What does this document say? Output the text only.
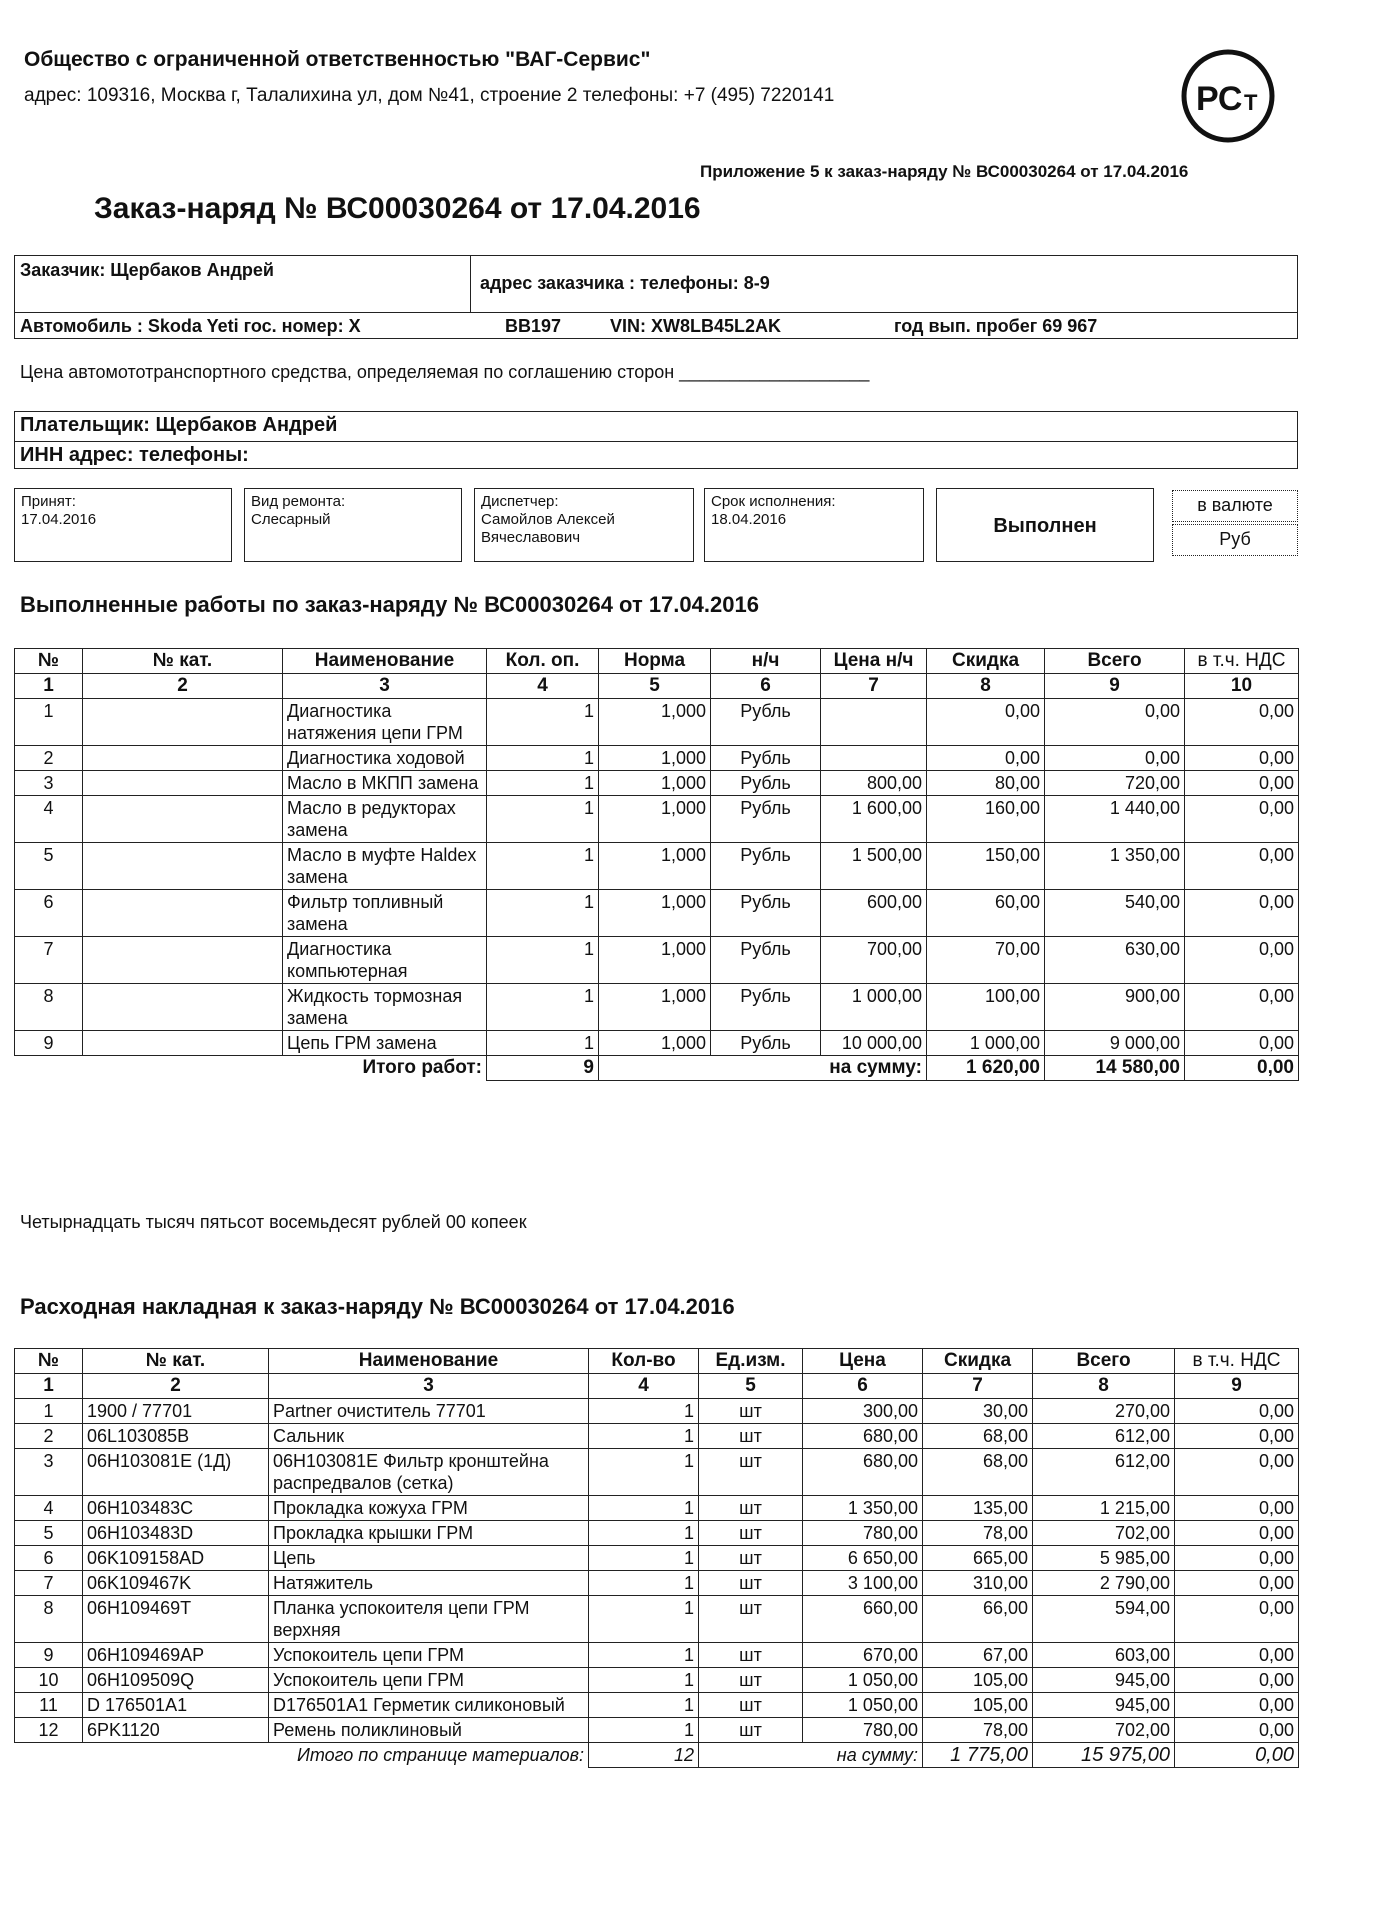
Общество с ограниченной ответственностью "ВАГ-Сервис"
адрес: 109316, Москва г, Талалихина ул, дом №41, строение 2 телефоны: +7 (495) 7220141	РС Т
Приложение 5 к заказ-наряду № ВС00030264 от 17.04.2016
Заказ-наряд № ВС00030264 от 17.04.2016
Заказчик: Щербаков Андрей
адрес заказчика : телефоны: 8-9
Автомобиль : Skoda Yeti гос. номер: Х	ВВ197	VIN: XW8LB45L2AK	год вып. пробег 69 967
Цена автомототранспортного средства, определяемая по соглашению сторон ___________________
Плательщик: Щербаков Андрей
ИНН адрес: телефоны:
Принят:
17.04.2016
Вид ремонта:
Слесарный
Диспетчер:
Самойлов Алексей Вячеславович
Срок исполнения:
18.04.2016	Выполнен
в валюте
Руб
Выполненные работы по заказ-наряду № ВС00030264 от 17.04.2016
№	№ кат.	Наименование	Кол. оп.	Норма	н/ч	Цена н/ч	Скидка	Всего	в т.ч. НДС
1	2	3	4	5	6	7	8	9	10
1		Диагностика натяжения цепи ГРМ	1	1,000	Рубль		0,00	0,00	0,00
2		Диагностика ходовой	1	1,000	Рубль		0,00	0,00	0,00
3		Масло в МКПП замена	1	1,000	Рубль	800,00	80,00	720,00	0,00
4		Масло в редукторах замена	1	1,000	Рубль	1 600,00	160,00	1 440,00	0,00
5		Масло в муфте Haldex замена	1	1,000	Рубль	1 500,00	150,00	1 350,00	0,00
6		Фильтр топливный замена	1	1,000	Рубль	600,00	60,00	540,00	0,00
7		Диагностика компьютерная	1	1,000	Рубль	700,00	70,00	630,00	0,00
8		Жидкость тормозная замена	1	1,000	Рубль	1 000,00	100,00	900,00	0,00
9		Цепь ГРМ замена	1	1,000	Рубль	10 000,00	1 000,00	9 000,00	0,00
Итого работ:			9	на сумму:			1 620,00	14 580,00	0,00
Четырнадцать тысяч пятьсот восемьдесят рублей 00 копеек
Расходная накладная к заказ-наряду № ВС00030264 от 17.04.2016
№	№ кат.	Наименование	Кол-во	Ед.изм.	Цена	Скидка	Всего	в т.ч. НДС
1	2	3	4	5	6	7	8	9
1	1900 / 77701	Partner очиститель 77701	1	шт	300,00	30,00	270,00	0,00
2	06L103085B	Сальник	1	шт	680,00	68,00	612,00	0,00
3	06H103081E (1Д)	06H103081E Фильтр кронштейна распредвалов (сетка)	1	шт	680,00	68,00	612,00	0,00
4	06H103483C	Прокладка кожуха ГРМ	1	шт	1 350,00	135,00	1 215,00	0,00
5	06H103483D	Прокладка крышки ГРМ	1	шт	780,00	78,00	702,00	0,00
6	06K109158AD	Цепь	1	шт	6 650,00	665,00	5 985,00	0,00
7	06K109467K	Натяжитель	1	шт	3 100,00	310,00	2 790,00	0,00
8	06H109469T	Планка успокоителя цепи ГРМ верхняя	1	шт	660,00	66,00	594,00	0,00
9	06H109469AP	Успокоитель цепи ГРМ	1	шт	670,00	67,00	603,00	0,00
10	06H109509Q	Успокоитель цепи ГРМ	1	шт	1 050,00	105,00	945,00	0,00
11	D 176501A1	D176501A1 Герметик силиконовый	1	шт	1 050,00	105,00	945,00	0,00
12	6PK1120	Ремень поликлиновый	1	шт	780,00	78,00	702,00	0,00
Итого по странице материалов:			12	на сумму:		1 775,00	15 975,00	0,00
